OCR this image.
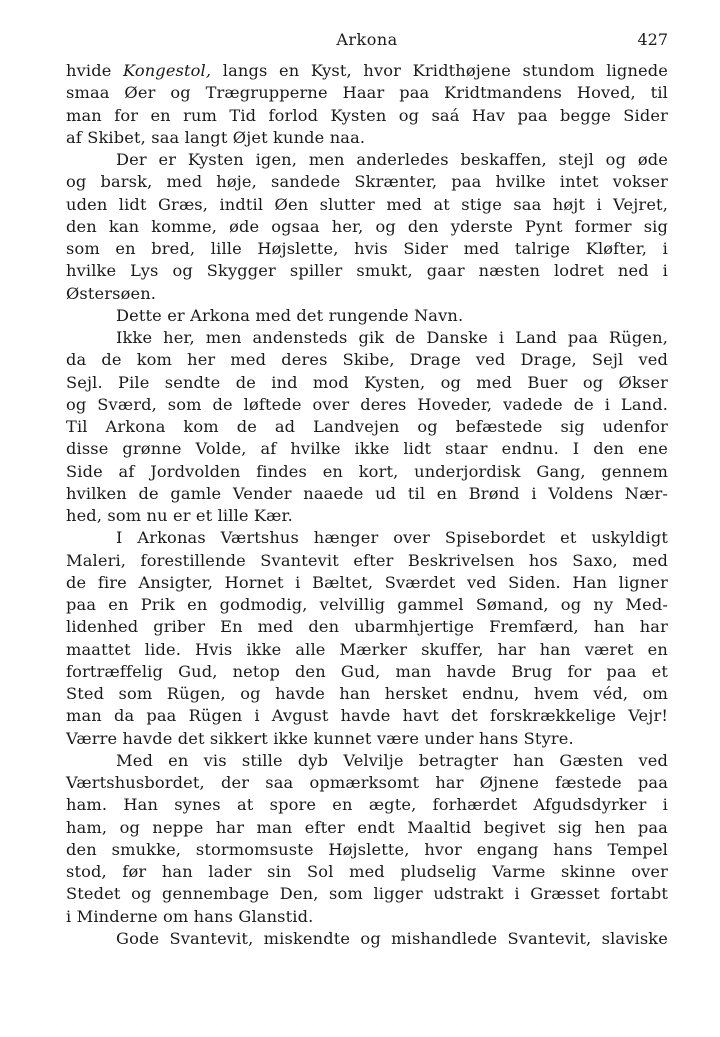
Arkona	427
hvide Kongestol, langs en Kyst, hvor Kridthøjene stundom lignede
smaa Øer og Trægrupperne Haar paa Kridtmandens Hoved, til
man for en rum Tid forlod Kysten og saá Hav paa begge Sider
af Skibet, saa langt Øjet kunde naa.
Der er Kysten igen, men anderledes beskaffen, stejl og øde
og barsk, med høje, sandede Skrænter, paa hvilke intet vokser
uden lidt Græs, indtil Øen slutter med at stige saa højt i Vejret,
den kan komme, øde ogsaa her, og den yderste Pynt former sig
som en bred, lille Højslette, hvis Sider med talrige Kløfter, i
hvilke Lys og Skygger spiller smukt, gaar næsten lodret ned i
Østersøen.
Dette er Arkona med det rungende Navn.
Ikke her, men andensteds gik de Danske i Land paa Rügen,
da de kom her med deres Skibe, Drage ved Drage, Sejl ved
Sejl. Pile sendte de ind mod Kysten, og med Buer og Økser
og Sværd, som de løftede over deres Hoveder, vadede de i Land.
Til Arkona kom de ad Landvejen og befæstede sig udenfor
disse grønne Volde, af hvilke ikke lidt staar endnu. I den ene
Side af Jordvolden findes en kort, underjordisk Gang, gennem
hvilken de gamle Vender naaede ud til en Brønd i Voldens Nær-
hed, som nu er et lille Kær.
I Arkonas Værtshus hænger over Spisebordet et uskyldigt
Maleri, forestillende Svantevit efter Beskrivelsen hos Saxo, med
de fire Ansigter, Hornet i Bæltet, Sværdet ved Siden. Han ligner
paa en Prik en godmodig, velvillig gammel Sømand, og ny Med-
lidenhed griber En med den ubarmhjertige Fremfærd, han har
maattet lide. Hvis ikke alle Mærker skuffer, har han været en
fortræffelig Gud, netop den Gud, man havde Brug for paa et
Sted som Rügen, og havde han hersket endnu, hvem véd, om
man da paa Rügen i Avgust havde havt det forskrækkelige Vejr!
Værre havde det sikkert ikke kunnet være under hans Styre.
Med en vis stille dyb Velvilje betragter han Gæsten ved
Værtshusbordet, der saa opmærksomt har Øjnene fæstede paa
ham. Han synes at spore en ægte, forhærdet Afgudsdyrker i
ham, og neppe har man efter endt Maaltid begivet sig hen paa
den smukke, stormomsuste Højslette, hvor engang hans Tempel
stod, før han lader sin Sol med pludselig Varme skinne over
Stedet og gennembage Den, som ligger udstrakt i Græsset fortabt
i Minderne om hans Glanstid.
Gode Svantevit, miskendte og mishandlede Svantevit, slaviske
